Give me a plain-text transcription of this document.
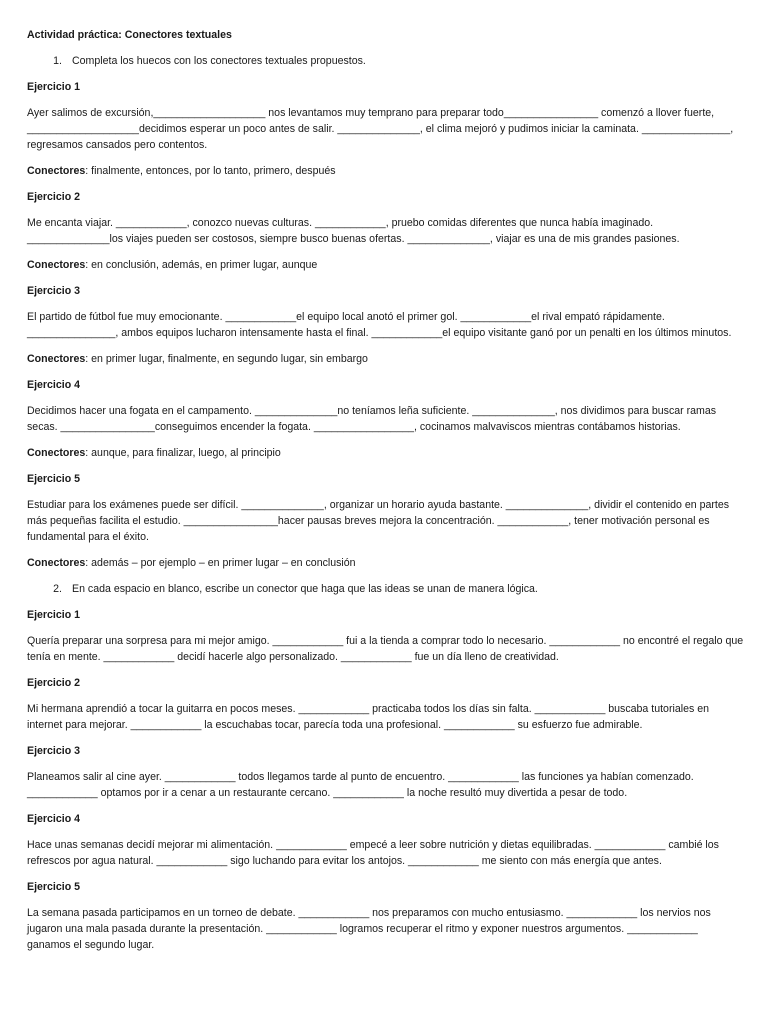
Actividad práctica: Conectores textuales
1. Completa los huecos con los conectores textuales propuestos.
Ejercicio 1
Ayer salimos de excursión,___________________ nos levantamos muy temprano para preparar todo________________ comenzó a llover fuerte, ___________________decidimos esperar un poco antes de salir. ______________, el clima mejoró y pudimos iniciar la caminata. _______________, regresamos cansados pero contentos.
Conectores: finalmente, entonces, por lo tanto, primero, después
Ejercicio 2
Me encanta viajar. ____________, conozco nuevas culturas. ____________, pruebo comidas diferentes que nunca había imaginado. ______________los viajes pueden ser costosos, siempre busco buenas ofertas. ______________, viajar es una de mis grandes pasiones.
Conectores: en conclusión, además, en primer lugar, aunque
Ejercicio 3
El partido de fútbol fue muy emocionante. ____________el equipo local anotó el primer gol. ____________el rival empató rápidamente. _______________, ambos equipos lucharon intensamente hasta el final. ____________el equipo visitante ganó por un penalti en los últimos minutos.
Conectores: en primer lugar, finalmente, en segundo lugar, sin embargo
Ejercicio 4
Decidimos hacer una fogata en el campamento. ______________no teníamos leña suficiente. ______________, nos dividimos para buscar ramas secas. ________________conseguimos encender la fogata. _________________, cocinamos malvaviscos mientras contábamos historias.
Conectores: aunque, para finalizar, luego, al principio
Ejercicio 5
Estudiar para los exámenes puede ser difícil. ______________, organizar un horario ayuda bastante. ______________, dividir el contenido en partes más pequeñas facilita el estudio. ________________hacer pausas breves mejora la concentración. ____________, tener motivación personal es fundamental para el éxito.
Conectores: además – por ejemplo – en primer lugar – en conclusión
2. En cada espacio en blanco, escribe un conector que haga que las ideas se unan de manera lógica.
Ejercicio 1
Quería preparar una sorpresa para mi mejor amigo. ____________ fui a la tienda a comprar todo lo necesario. ____________ no encontré el regalo que tenía en mente. ____________ decidí hacerle algo personalizado. ____________ fue un día lleno de creatividad.
Ejercicio 2
Mi hermana aprendió a tocar la guitarra en pocos meses. ____________ practicaba todos los días sin falta. ____________ buscaba tutoriales en internet para mejorar. ____________ la escuchabas tocar, parecía toda una profesional. ____________ su esfuerzo fue admirable.
Ejercicio 3
Planeamos salir al cine ayer. ____________ todos llegamos tarde al punto de encuentro. ____________ las funciones ya habían comenzado. ____________ optamos por ir a cenar a un restaurante cercano. ____________ la noche resultó muy divertida a pesar de todo.
Ejercicio 4
Hace unas semanas decidí mejorar mi alimentación. ____________ empecé a leer sobre nutrición y dietas equilibradas. ____________ cambié los refrescos por agua natural. ____________ sigo luchando para evitar los antojos. ____________ me siento con más energía que antes.
Ejercicio 5
La semana pasada participamos en un torneo de debate. ____________ nos preparamos con mucho entusiasmo. ____________ los nervios nos jugaron una mala pasada durante la presentación. ____________ logramos recuperar el ritmo y exponer nuestros argumentos. ____________ ganamos el segundo lugar.
